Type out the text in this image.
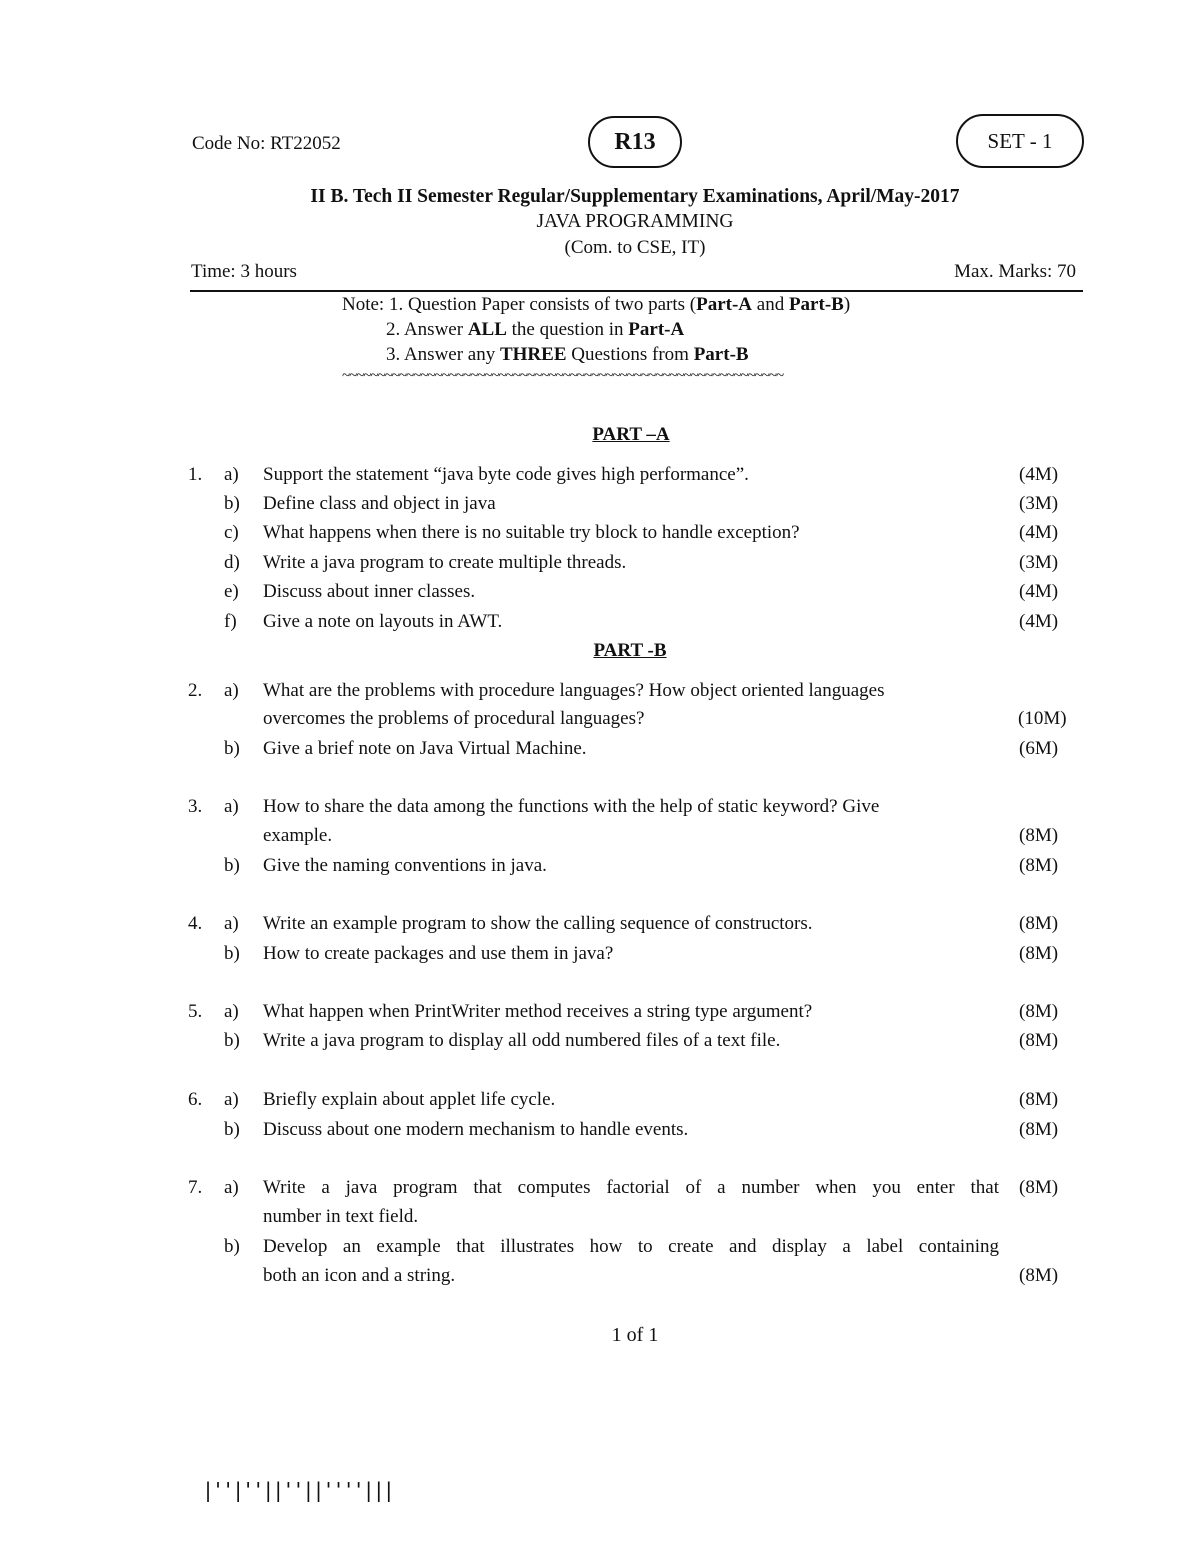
Code No: RT22052	R13	SET - 1
II B. Tech II Semester Regular/Supplementary Examinations, April/May-2017
JAVA PROGRAMMING
(Com. to CSE, IT)
Time: 3 hours	Max. Marks: 70
Note: 1. Question Paper consists of two parts (Part-A and Part-B)
2. Answer ALL the question in Part-A
3. Answer any THREE Questions from Part-B
~~~~~~~~~~~~~~~~~~~~~~~~~~~~~~~~~~~~~~~~~~~~~~~~~~~~~~~~~~~~~~
PART –A
1. a) Support the statement “java byte code gives high performance”.	(4M)
b) Define class and object in java	(3M)
c) What happens when there is no suitable try block to handle exception?	(4M)
d) Write a java program to create multiple threads.	(3M)
e) Discuss about inner classes.	(4M)
f) Give a note on layouts in AWT.	(4M)
PART -B
2. a) What are the problems with procedure languages? How object oriented languages
overcomes the problems of procedural languages?	(10M)
b) Give a brief note on Java Virtual Machine.	(6M)
3. a) How to share the data among the functions with the help of static keyword? Give
example.	(8M)
b) Give the naming conventions in java.	(8M)
4. a) Write an example program to show the calling sequence of constructors.	(8M)
b) How to create packages and use them in java?	(8M)
5. a) What happen when PrintWriter method receives a string type argument?	(8M)
b) Write a java program to display all odd numbered files of a text file.	(8M)
6. a) Briefly explain about applet life cycle.	(8M)
b) Discuss about one modern mechanism to handle events.	(8M)
7. a) Write a java program that computes factorial of a number when you enter that (8M)
number in text field.
b) Develop an example that illustrates how to create and display a label containing
both an icon and a string.	(8M)
1 of 1
|''|''||''||''''|||
